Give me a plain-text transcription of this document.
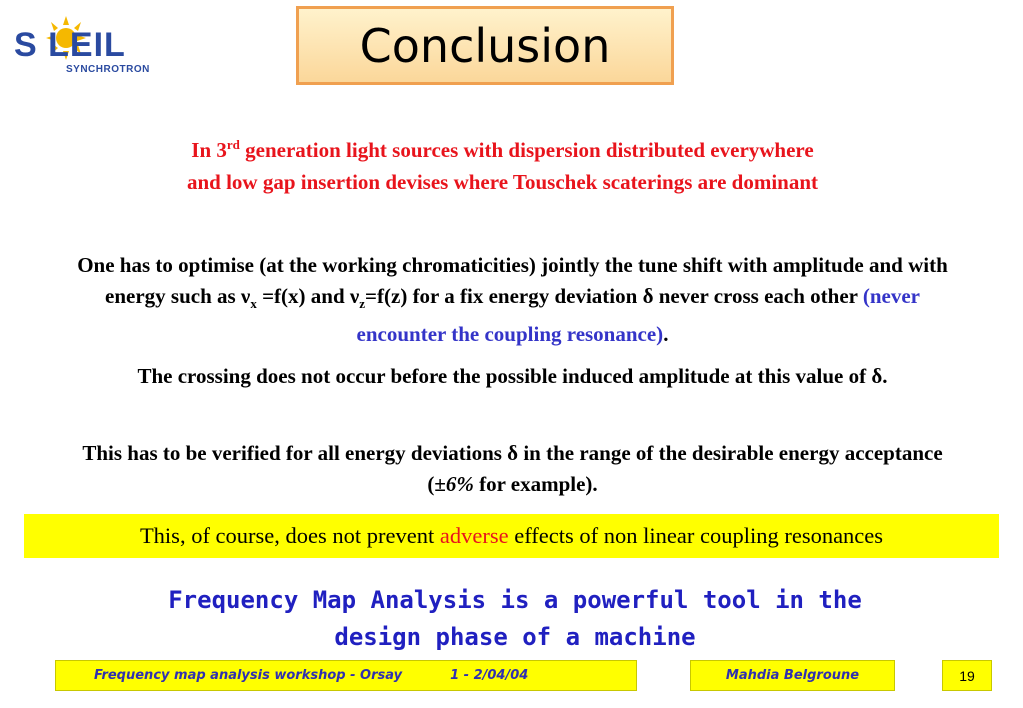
S LEIL
SYNCHROTRON	Conclusion
In 3rd generation light sources with dispersion distributed everywhere and low gap insertion devises where Touschek scaterings are dominant
One has to optimise (at the working chromaticities) jointly the tune shift with amplitude and with energy such as $\nu_x =f(x)$ and $\nu_z=f(z)$ for a fix energy deviation δ never cross each other (never encounter the coupling resonance).
The crossing does not occur before the possible induced amplitude at this value of δ.
This has to be verified for all energy deviations δ in the range of the desirable energy acceptance (±6% for example).
This, of course, does not prevent
adverse
effects of non linear coupling resonances
Frequency Map Analysis is a powerful tool in the design phase of a machine
Frequency map analysis workshop - Orsay	1 - 2/04/04	Mahdia Belgroune	19
